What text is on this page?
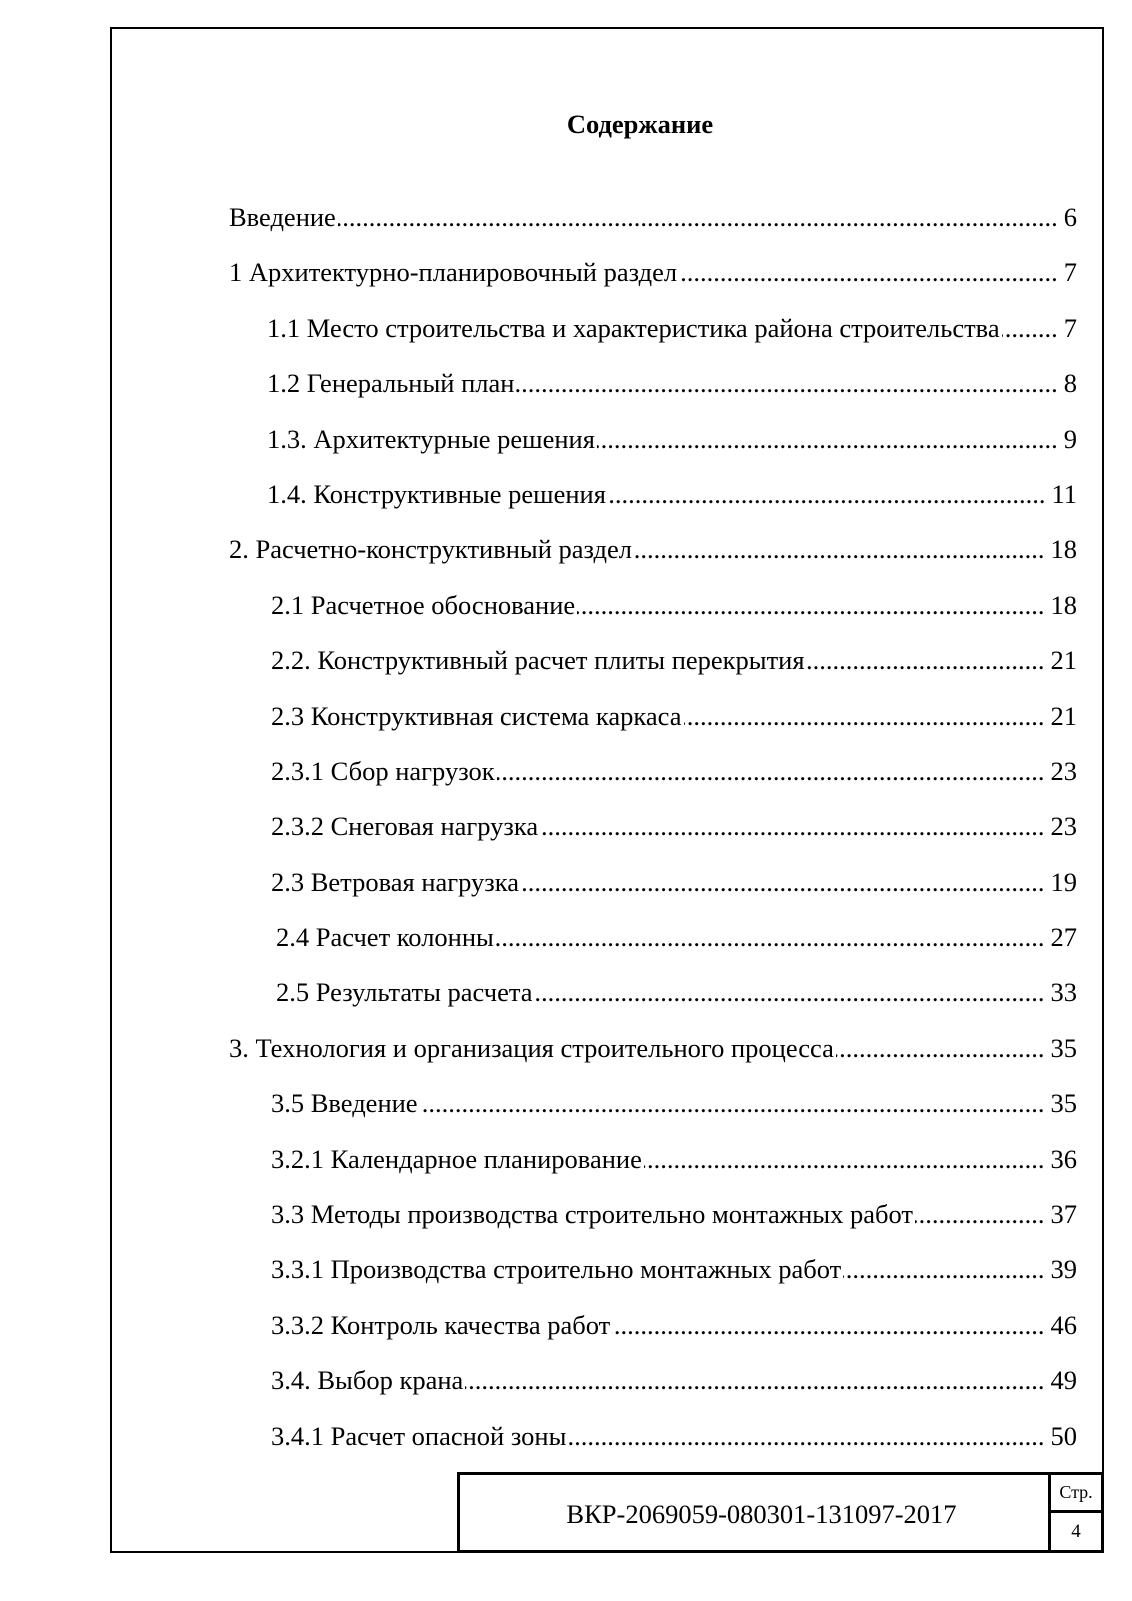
Содержание
Введение .....	6
1 Архитектурно-планировочный раздел .....	7
1.1 Место строительства и характеристика района строительства ..... 7
1.2 Генеральный план .....	8
1.3. Архитектурные решения .....	9
1.4. Конструктивные решения .....	11
2. Расчетно-конструктивный раздел .....	18
2.1 Расчетное обоснование .....	18
2.2. Конструктивный расчет плиты перекрытия .....	21
2.3 Конструктивная система каркаса .....	21
2.3.1 Сбор нагрузок .....	23
2.3.2 Снеговая нагрузка .....	23
2.3 Ветровая нагрузка .....	19
2.4 Расчет колонны .....	27
2.5 Результаты расчета .....	33
3. Технология и организация строительного процесса .....	35
3.5 Введение .....	35
3.2.1 Календарное планирование .....	36
3.3 Методы производства строительно монтажных работ .....	37
3.3.1 Производства строительно монтажных работ .....	39
3.3.2 Контроль качества работ .....	46
3.4. Выбор крана .....	49
3.4.1 Расчет опасной зоны .....	50
ВКР-2069059-080301-131097-2017
Стр.
4
